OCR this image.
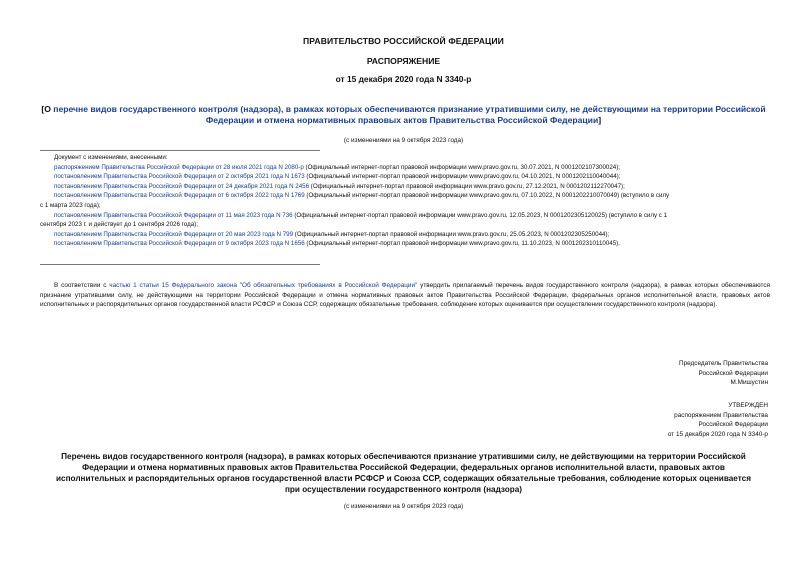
ПРАВИТЕЛЬСТВО РОССИЙСКОЙ ФЕДЕРАЦИИ
РАСПОРЯЖЕНИЕ
от 15 декабря 2020 года N 3340-р
[О перечне видов государственного контроля (надзора), в рамках которых обеспечиваются признание утратившими силу, не действующими на территории Российской Федерации и отмена нормативных правовых актов Правительства Российской Федерации]
(с изменениями на 9 октября 2023 года)
Документ с изменениями, внесенными:
распоряжением Правительства Российской Федерации от 28 июля 2021 года N 2080-р (Официальный интернет-портал правовой информации www.pravo.gov.ru, 30.07.2021, N 0001202107300024);
постановлением Правительства Российской Федерации от 2 октября 2021 года N 1673 (Официальный интернет-портал правовой информации www.pravo.gov.ru, 04.10.2021, N 0001202110040044);
постановлением Правительства Российской Федерации от 24 декабря 2021 года N 2456 (Официальный интернет-портал правовой информации www.pravo.gov.ru, 27.12.2021, N 0001202112270047);
постановлением Правительства Российской Федерации от 6 октября 2022 года N 1769 (Официальный интернет-портал правовой информации www.pravo.gov.ru, 07.10.2022, N 0001202210070049) (вступило в силу
с 1 марта 2023 года);
постановлением Правительства Российской Федерации от 11 мая 2023 года N 736 (Официальный интернет-портал правовой информации www.pravo.gov.ru, 12.05.2023, N 0001202305120025) (вступило в силу с 1
сентября 2023 г. и действует до 1 сентября 2026 года);
постановлением Правительства Российской Федерации от 20 мая 2023 года N 799 (Официальный интернет-портал правовой информации www.pravo.gov.ru, 25.05.2023, N 0001202305250044);
постановлением Правительства Российской Федерации от 9 октября 2023 года N 1656 (Официальный интернет-портал правовой информации www.pravo.gov.ru, 11.10.2023, N 0001202310110045).
В соответствии с частью 1 статьи 15 Федерального закона "Об обязательных требованиях в Российской Федерации" утвердить прилагаемый перечень видов государственного контроля (надзора), в рамках которых обеспечиваются признание утратившими силу, не действующими на территории Российской Федерации и отмена нормативных правовых актов Правительства Российской Федерации, федеральных органов исполнительной власти, правовых актов исполнительных и распорядительных органов государственной власти РСФСР и Союза ССР, содержащих обязательные требования, соблюдение которых оценивается при осуществлении государственного контроля (надзора).
Председатель Правительства
Российской Федерации
М.Мишустин
УТВЕРЖДЕН
распоряжением Правительства
Российской Федерации
от 15 декабря 2020 года N 3340-р
Перечень видов государственного контроля (надзора), в рамках которых обеспечиваются признание утратившими силу, не действующими на территории Российской Федерации и отмена нормативных правовых актов Правительства Российской Федерации, федеральных органов исполнительной власти, правовых актов исполнительных и распорядительных органов государственной власти РСФСР и Союза ССР, содержащих обязательные требования, соблюдение которых оценивается при осуществлении государственного контроля (надзора)
(с изменениями на 9 октября 2023 года)
